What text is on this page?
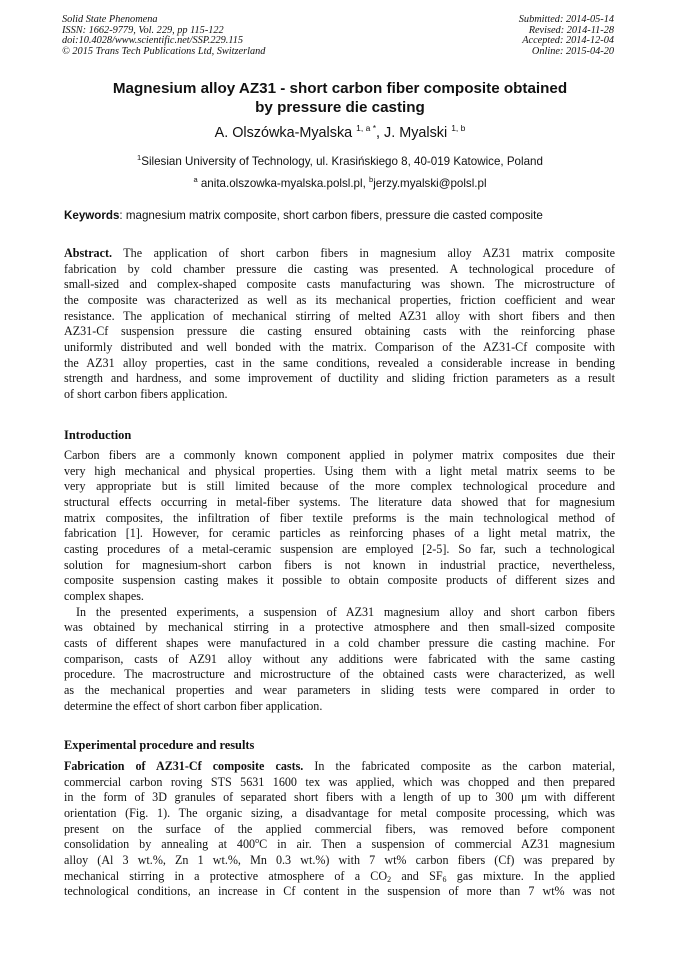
Solid State Phenomena
ISSN: 1662-9779, Vol. 229, pp 115-122
doi:10.4028/www.scientific.net/SSP.229.115
© 2015 Trans Tech Publications Ltd, Switzerland
Submitted: 2014-05-14
Revised: 2014-11-28
Accepted: 2014-12-04
Online: 2015-04-20
Magnesium alloy AZ31 - short carbon fiber composite obtained
by pressure die casting
A. Olszówka-Myalska $^{1, a *}$, J. Myalski $^{1, b}$
$^1$Silesian University of Technology, ul. Krasińskiego 8, 40-019 Katowice, Poland
$^a$ anita.olszowka-myalska.polsl.pl, $^b$jerzy.myalski@polsl.pl
Keywords: magnesium matrix composite, short carbon fibers, pressure die casted composite
Abstract. The application of short carbon fibers in magnesium alloy AZ31 matrix composite
fabrication by cold chamber pressure die casting was presented. A technological procedure of
small-sized and complex-shaped composite casts manufacturing was shown. The microstructure of
the composite was characterized as well as its mechanical properties, friction coefficient and wear
resistance. The application of mechanical stirring of melted AZ31 alloy with short fibers and then
AZ31-Cf suspension pressure die casting ensured obtaining casts with the reinforcing phase
uniformly distributed and well bonded with the matrix. Comparison of the AZ31-Cf composite with
the AZ31 alloy properties, cast in the same conditions, revealed a considerable increase in bending
strength and hardness, and some improvement of ductility and sliding friction parameters as a result
of short carbon fibers application.
Introduction
Carbon fibers are a commonly known component applied in polymer matrix composites due their
very high mechanical and physical properties. Using them with a light metal matrix seems to be
very appropriate but is still limited because of the more complex technological procedure and
structural effects occurring in metal-fiber systems. The literature data showed that for magnesium
matrix composites, the infiltration of fiber textile preforms is the main technological method of
fabrication [1]. However, for ceramic particles as reinforcing phases of a light metal matrix, the
casting procedures of a metal-ceramic suspension are employed [2-5]. So far, such a technological
solution for magnesium-short carbon fibers is not known in industrial practice, nevertheless,
composite suspension casting makes it possible to obtain composite products of different sizes and
complex shapes.
In the presented experiments, a suspension of AZ31 magnesium alloy and short carbon fibers
was obtained by mechanical stirring in a protective atmosphere and then small-sized composite
casts of different shapes were manufactured in a cold chamber pressure die casting machine. For
comparison, casts of AZ91 alloy without any additions were fabricated with the same casting
procedure. The macrostructure and microstructure of the obtained casts were characterized, as well
as the mechanical properties and wear parameters in sliding tests were compared in order to
determine the effect of short carbon fiber application.
Experimental procedure and results
Fabrication of AZ31-Cf composite casts. In the fabricated composite as the carbon material,
commercial carbon roving STS 5631 1600 tex was applied, which was chopped and then prepared
in the form of 3D granules of separated short fibers with a length of up to 300 μm with different
orientation (Fig. 1). The organic sizing, a disadvantage for metal composite processing, which was
present on the surface of the applied commercial fibers, was removed before component
consolidation by annealing at 400$^o$C in air. Then a suspension of commercial AZ31 magnesium
alloy (Al 3 wt.%, Zn 1 wt.%, Mn 0.3 wt.%) with 7 wt% carbon fibers (Cf) was prepared by
mechanical stirring in a protective atmosphere of a $CO_2$ and $SF_6$ gas mixture. In the applied
technological conditions, an increase in Cf content in the suspension of more than 7 wt% was not
